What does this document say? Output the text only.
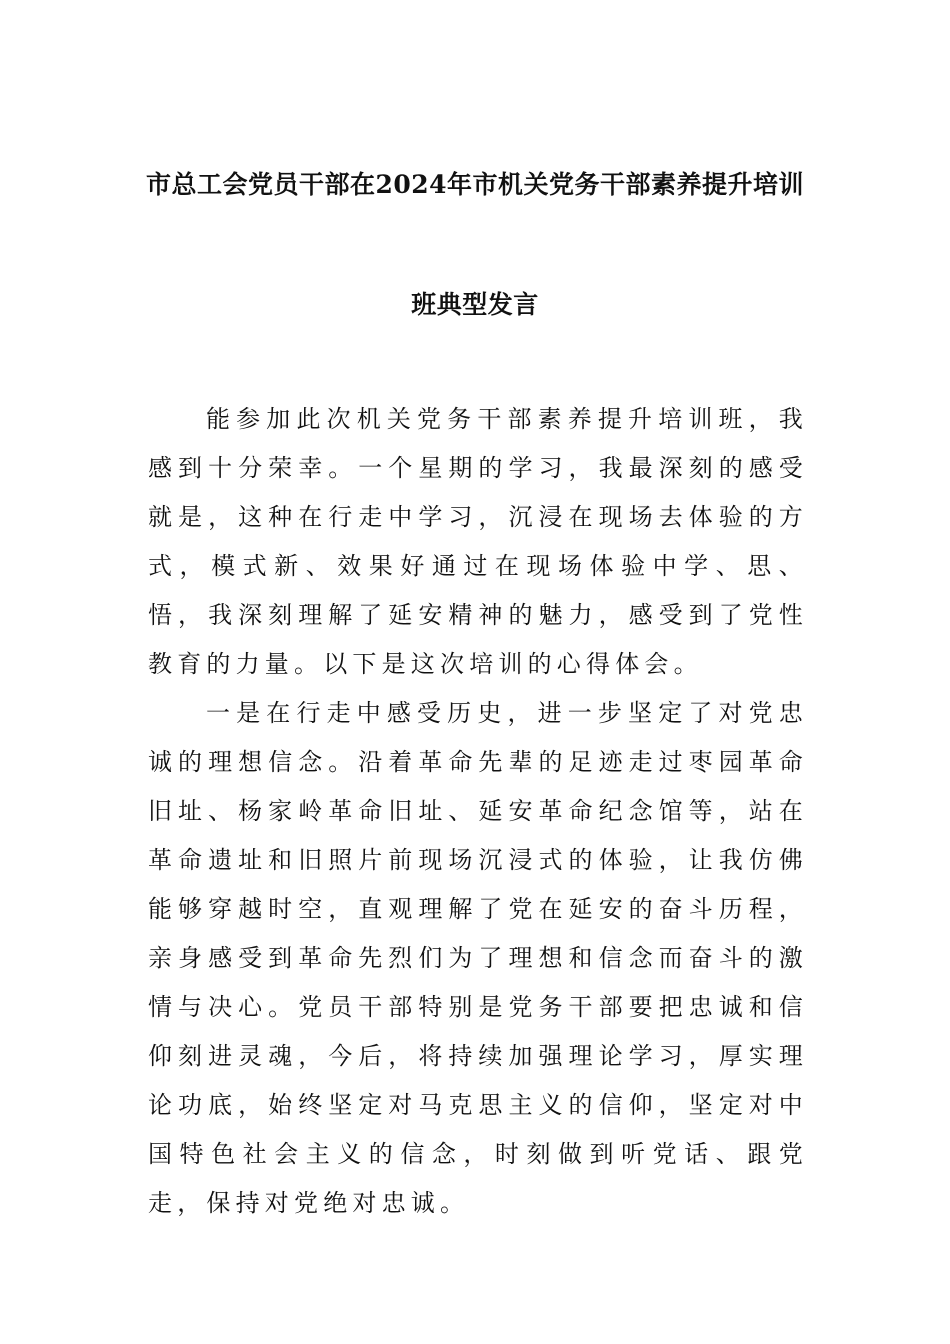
市总工会党员干部在2024年市机关党务干部素养提升培训
班典型发言

能参加此次机关党务干部素养提升培训班，我感到十分荣幸。一个星期的学习，我最深刻的感受就是，这种在行走中学习，沉浸在现场去体验的方式，模式新、效果好通过在现场体验中学、思、悟，我深刻理解了延安精神的魅力，感受到了党性教育的力量。以下是这次培训的心得体会。

一是在行走中感受历史，进一步坚定了对党忠诚的理想信念。沿着革命先辈的足迹走过枣园革命旧址、杨家岭革命旧址、延安革命纪念馆等，站在革命遗址和旧照片前现场沉浸式的体验，让我仿佛能够穿越时空，直观理解了党在延安的奋斗历程，亲身感受到革命先烈们为了理想和信念而奋斗的激情与决心。党员干部特别是党务干部要把忠诚和信仰刻进灵魂，今后，将持续加强理论学习，厚实理论功底，始终坚定对马克思主义的信仰，坚定对中国特色社会主义的信念，时刻做到听党话、跟党走，保持对党绝对忠诚。
